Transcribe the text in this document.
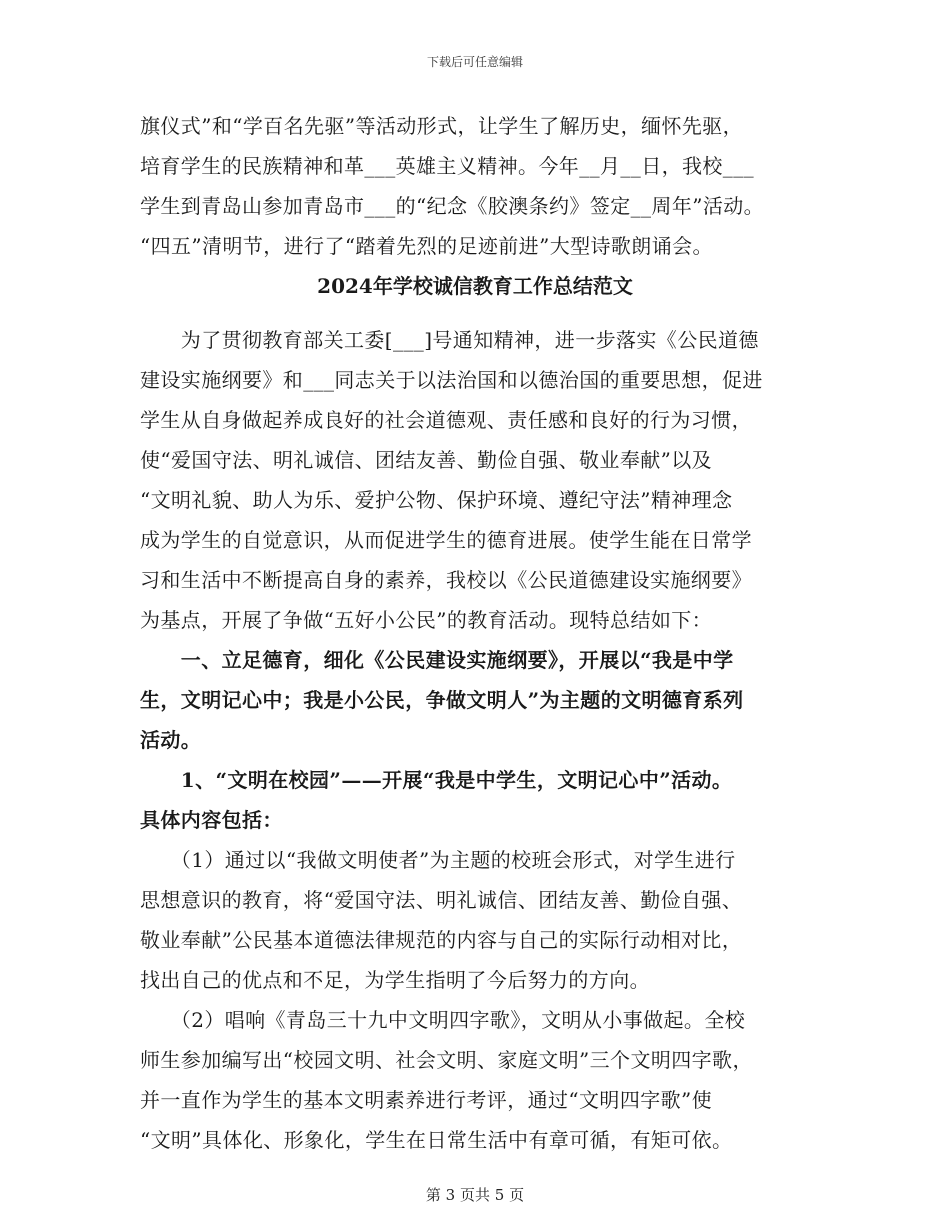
下载后可任意编辑
旗仪式”和“学百名先驱”等活动形式，让学生了解历史，缅怀先驱，
培育学生的民族精神和革___英雄主义精神。今年__月__日，我校___
学生到青岛山参加青岛市___的“纪念《胶澳条约》签定__周年”活动。
“四五”清明节，进行了“踏着先烈的足迹前进”大型诗歌朗诵会。
2024年学校诚信教育工作总结范文
　　为了贯彻教育部关工委[___]号通知精神，进一步落实《公民道德
建设实施纲要》和___同志关于以法治国和以德治国的重要思想，促进
学生从自身做起养成良好的社会道德观、责任感和良好的行为习惯，
使“爱国守法、明礼诚信、团结友善、勤俭自强、敬业奉献”以及
“文明礼貌、助人为乐、爱护公物、保护环境、遵纪守法”精神理念
成为学生的自觉意识，从而促进学生的德育进展。使学生能在日常学
习和生活中不断提高自身的素养，我校以《公民道德建设实施纲要》
为基点，开展了争做“五好小公民”的教育活动。现特总结如下：
　　一、立足德育，细化《公民建设实施纲要》，开展以“我是中学
生，文明记心中；我是小公民，争做文明人”为主题的文明德育系列
活动。
　　1、“文明在校园”——开展“我是中学生，文明记心中”活动。
具体内容包括：
　　（1）通过以“我做文明使者”为主题的校班会形式，对学生进行
思想意识的教育，将“爱国守法、明礼诚信、团结友善、勤俭自强、
敬业奉献”公民基本道德法律规范的内容与自己的实际行动相对比，
找出自己的优点和不足，为学生指明了今后努力的方向。
　　（2）唱响《青岛三十九中文明四字歌》，文明从小事做起。全校
师生参加编写出“校园文明、社会文明、家庭文明”三个文明四字歌，
并一直作为学生的基本文明素养进行考评，通过“文明四字歌”使
“文明”具体化、形象化，学生在日常生活中有章可循，有矩可依。
第 3 页共 5 页
